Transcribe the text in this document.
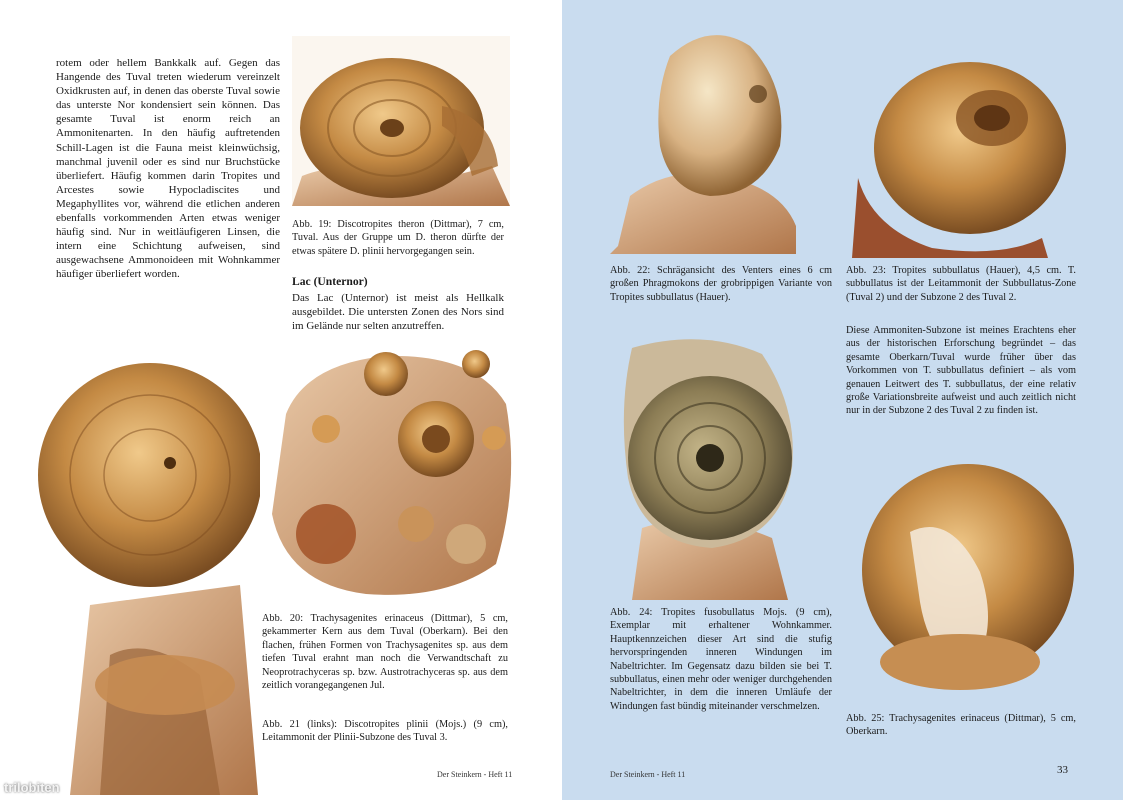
rotem oder hellem Bankkalk auf. Gegen das Hangende des Tuval treten wiederum vereinzelt Oxidkrusten auf, in denen das oberste Tuval sowie das unterste Nor kondensiert sein können. Das gesamte Tuval ist enorm reich an Ammonitenarten. In den häufig auftretenden Schill-Lagen ist die Fauna meist kleinwüchsig, manchmal juvenil oder es sind nur Bruchstücke überliefert. Häufig kommen darin Tropites und Arcestes sowie Hypocladiscites und Megaphyllites vor, während die etlichen anderen ebenfalls vorkommenden Arten etwas weniger häufig sind. Nur in weitläufigeren Linsen, die intern eine Schichtung aufweisen, sind ausgewachsene Ammonoideen mit Wohnkammer häufiger überliefert worden.

Abb. 19: Discotropites theron (Dittmar), 7 cm, Tuval. Aus der Gruppe um D. theron dürfte der etwas spätere D. plinii hervorgegangen sein.

Lac (Unternor)

Das Lac (Unternor) ist meist als Hellkalk ausgebildet. Die untersten Zonen des Nors sind im Gelände nur selten anzutreffen.

Abb. 20: Trachysagenites erinaceus (Dittmar), 5 cm, gekammerter Kern aus dem Tuval (Oberkarn). Bei den flachen, frühen Formen von Trachysagenites sp. aus dem tiefen Tuval erahnt man noch die Verwandtschaft zu Neoprotrachyceras sp. bzw. Austrotrachyceras sp. aus dem zeitlich vorangegangenen Jul.

Abb. 21 (links): Discotropites plinii (Mojs.) (9 cm), Leitammonit der Plinii-Subzone des Tuval 3.

Der Steinkern - Heft 11

Abb. 22: Schrägansicht des Venters eines 6 cm großen Phragmokons der grobrippigen Variante von Tropites subbullatus (Hauer).

Abb. 23: Tropites subbullatus (Hauer), 4,5 cm. T. subbullatus ist der Leitammonit der Subbullatus-Zone (Tuval 2) und der Subzone 2 des Tuval 2.

Diese Ammoniten-Subzone ist meines Erachtens eher aus der historischen Erforschung begründet – das gesamte Oberkarn/Tuval wurde früher über das Vorkommen von T. subbullatus definiert – als vom genauen Leitwert des T. subbullatus, der eine relativ große Variationsbreite aufweist und auch zeitlich nicht nur in der Subzone 2 des Tuval 2 zu finden ist.

Abb. 24: Tropites fusobullatus Mojs. (9 cm), Exemplar mit erhaltener Wohnkammer. Hauptkennzeichen dieser Art sind die stufig hervorspringenden inneren Windungen im Nabeltrichter. Im Gegensatz dazu bilden sie bei T. subbullatus, einen mehr oder weniger durchgehenden Nabeltrichter, in dem die inneren Umläufe der Windungen fast bündig miteinander verschmelzen.

Abb. 25: Trachysagenites erinaceus (Dittmar), 5 cm, Oberkarn.

Der Steinkern - Heft 11	33
trilobiten
